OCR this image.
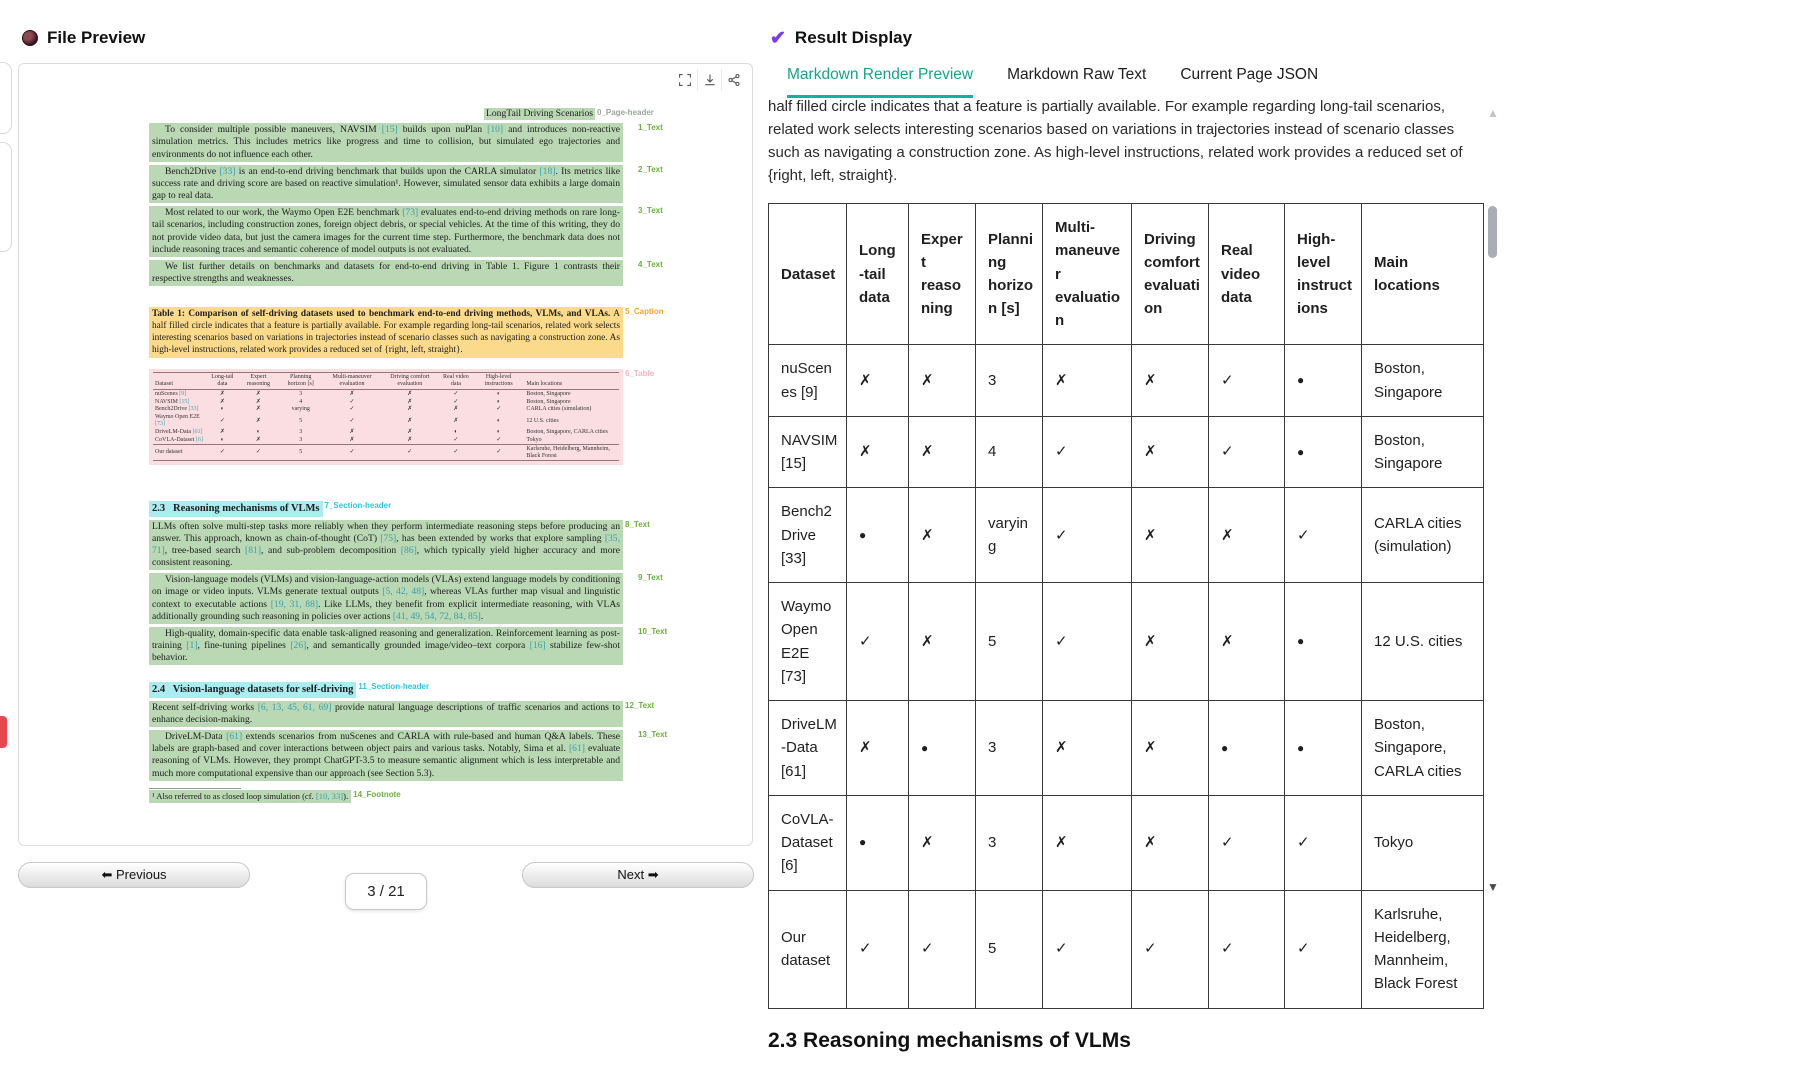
File Preview
LongTail Driving Scenarios 0_Page-header
To consider multiple possible maneuvers, NAVSIM [15] builds upon nuPlan [10] and introduces non-reactive simulation metrics. This includes metrics like progress and time to collision, but simulated ego trajectories and environments do not influence each other.
1_Text
Bench2Drive [33] is an end-to-end driving benchmark that builds upon the CARLA simulator [18]. Its metrics like success rate and driving score are based on reactive simulation¹. However, simulated sensor data exhibits a large domain gap to real data.
2_Text
Most related to our work, the Waymo Open E2E benchmark [73] evaluates end-to-end driving methods on rare long-tail scenarios, including construction zones, foreign object debris, or special vehicles. At the time of this writing, they do not provide video data, but just the camera images for the current time step. Furthermore, the benchmark data does not include reasoning traces and semantic coherence of model outputs is not evaluated.
3_Text
We list further details on benchmarks and datasets for end-to-end driving in Table 1. Figure 1 contrasts their respective strengths and weaknesses.
4_Text
Table 1: Comparison of self-driving datasets used to benchmark end-to-end driving methods, VLMs, and VLAs. A half filled circle indicates that a feature is partially available. For example regarding long-tail scenarios, related work selects interesting scenarios based on variations in trajectories instead of scenario classes such as navigating a construction zone. As high-level instructions, related work provides a reduced set of {right, left, straight}.
5_Caption
Dataset	Long-tail data	Expert reasoning	Planning horizon [s]	Multi-maneuver evaluation	Driving comfort evaluation	Real video data	High-level instructions	Main locations
nuScenes [9]	✗	✗	3	✗	✗	✓	◐	Boston, Singapore
NAVSIM [15]	✗	✗	4	✓	✗	✓	◐	Boston, Singapore
Bench2Drive [33]	◐	✗	varying	✓	✗	✗	✓	CARLA cities (simulation)
Waymo Open E2E [73]	✓	✗	5	✓	✗	✗	◐	12 U.S. cities
DriveLM-Data [61]	✗	◐	3	✗	✗	◐	◐	Boston, Singapore, CARLA cities
CoVLA-Dataset [6]	◐	✗	3	✗	✗	✓	✓	Tokyo
Our dataset	✓	✓	5	✓	✓	✓	✓	Karlsruhe, Heidelberg, Mannheim, Black Forest
6_Table
2.3   Reasoning mechanisms of VLMs 7_Section-header
LLMs often solve multi-step tasks more reliably when they perform intermediate reasoning steps before producing an answer. This approach, known as chain-of-thought (CoT) [75], has been extended by works that explore sampling [35, 71], tree-based search [81], and sub-problem decomposition [86], which typically yield higher accuracy and more consistent reasoning.
8_Text
Vision-language models (VLMs) and vision-language-action models (VLAs) extend language models by conditioning on image or video inputs. VLMs generate textual outputs [5, 42, 48], whereas VLAs further map visual and linguistic context to executable actions [19, 31, 88]. Like LLMs, they benefit from explicit intermediate reasoning, with VLAs additionally grounding such reasoning in policies over actions [41, 49, 54, 72, 84, 85].
9_Text
High-quality, domain-specific data enable task-aligned reasoning and generalization. Reinforcement learning as post-training [1], fine-tuning pipelines [26], and semantically grounded image/video–text corpora [16] stabilize few-shot behavior.
10_Text
2.4   Vision-language datasets for self-driving 11_Section-header
Recent self-driving works [6, 13, 45, 61, 69] provide natural language descriptions of traffic scenarios and actions to enhance decision-making.
12_Text
DriveLM-Data [61] extends scenarios from nuScenes and CARLA with rule-based and human Q&A labels. These labels are graph-based and cover interactions between object pairs and various tasks. Notably, Sima et al. [61] evaluate reasoning of VLMs. However, they prompt ChatGPT-3.5 to measure semantic alignment which is less interpretable and much more computational expensive than our approach (see Section 5.3).
13_Text
¹ Also referred to as closed loop simulation (cf. [10, 33]). 14_Footnote
⬅ Previous
3 / 21
Next ➡
✔ Result Display
Markdown Render Preview Markdown Raw Text Current Page JSON

half filled circle indicates that a feature is partially available. For example regarding long-tail scenarios, related work selects interesting scenarios based on variations in trajectories instead of scenario classes such as navigating a construction zone. As high-level instructions, related work provides a reduced set of {right, left, straight}.

Dataset	Long-tail data	Expert reasoning	Planning horizon [s]	Multi-maneuver evaluation	Driving comfort evaluation	Real video data	High-level instructions	Main locations
nuScenes [9]	✗	✗	3	✗	✗	✓	●	Boston, Singapore
NAVSIM [15]	✗	✗	4	✓	✗	✓	●	Boston, Singapore
Bench2Drive [33]	●	✗	varying	✓	✗	✗	✓	CARLA cities (simulation)
Waymo Open E2E [73]	✓	✗	5	✓	✗	✗	●	12 U.S. cities
DriveLM-Data [61]	✗	●	3	✗	✗	●	●	Boston, Singapore, CARLA cities
CoVLA-Dataset [6]	●	✗	3	✗	✗	✓	✓	Tokyo
Our dataset	✓	✓	5	✓	✓	✓	✓	Karlsruhe, Heidelberg, Mannheim, Black Forest
2.3 Reasoning mechanisms of VLMs
▲
▼
